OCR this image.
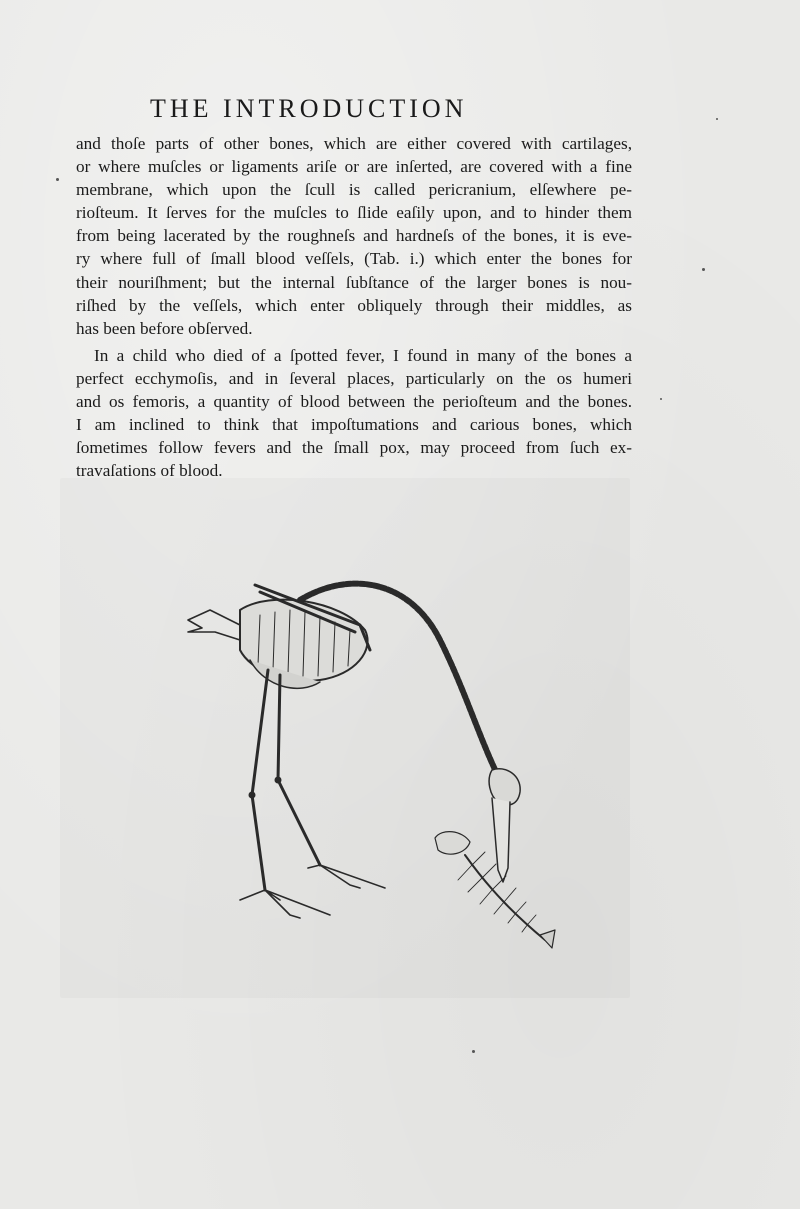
THE INTRODUCTION
and thoſe parts of other bones, which are either covered with cartilages,
or where muſcles or ligaments ariſe or are inſerted, are covered with a fine
membrane, which upon the ſcull is called pericranium, elſewhere pe-
rioſteum. It ſerves for the muſcles to ſlide eaſily upon, and to hinder them
from being lacerated by the roughneſs and hardneſs of the bones, it is eve-
ry where full of ſmall blood veſſels, (Tab. i.) which enter the bones for
their nouriſhment; but the internal ſubſtance of the larger bones is nou-
riſhed by the veſſels, which enter obliquely through their middles, as
has been before obſerved.
In a child who died of a ſpotted fever, I found in many of the bones a
perfect ecchymoſis, and in ſeveral places, particularly on the os humeri
and os femoris, a quantity of blood between the perioſteum and the bones.
I am inclined to think that impoſtumations and carious bones, which
ſometimes follow fevers and the ſmall pox, may proceed from ſuch ex-
travaſations of blood.
